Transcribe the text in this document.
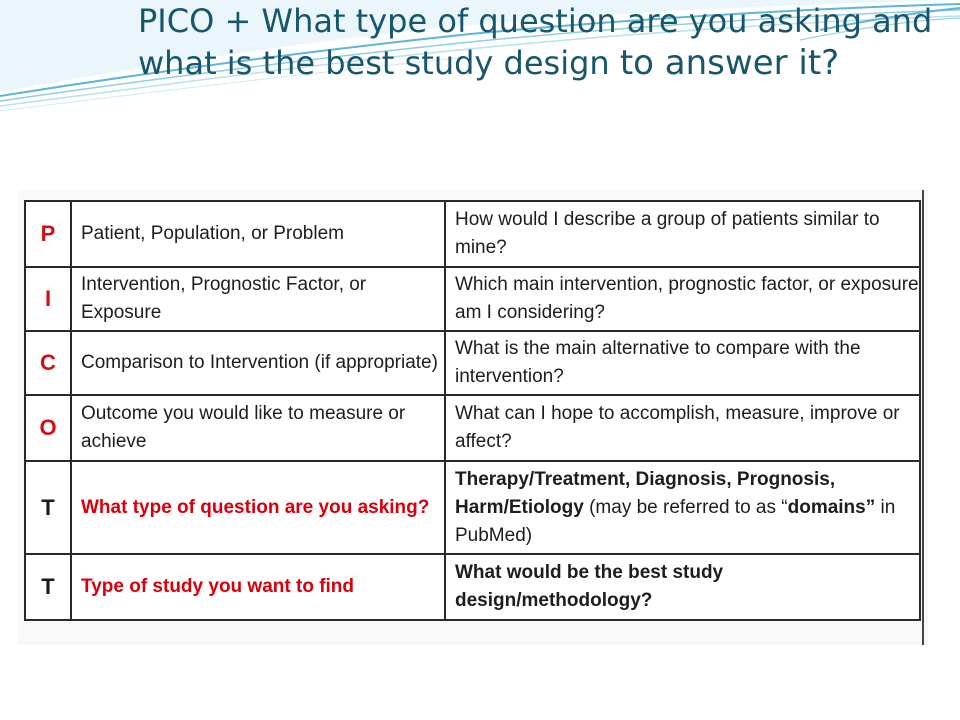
PICO + What type of question are you asking and what is the best study design to answer it?
P	Patient, Population, or Problem	How would I describe a group of patients similar to mine?
I	Intervention, Prognostic Factor, or Exposure	Which main intervention, prognostic factor, or exposure am I considering?
C	Comparison to Intervention (if appropriate)	What is the main alternative to compare with the intervention?
O	Outcome you would like to measure or achieve	What can I hope to accomplish, measure, improve or affect?
T	What type of question are you asking?	Therapy/Treatment, Diagnosis, Prognosis, Harm/Etiology (may be referred to as “domains” in PubMed)
T	Type of study you want to find	What would be the best study design/methodology?
